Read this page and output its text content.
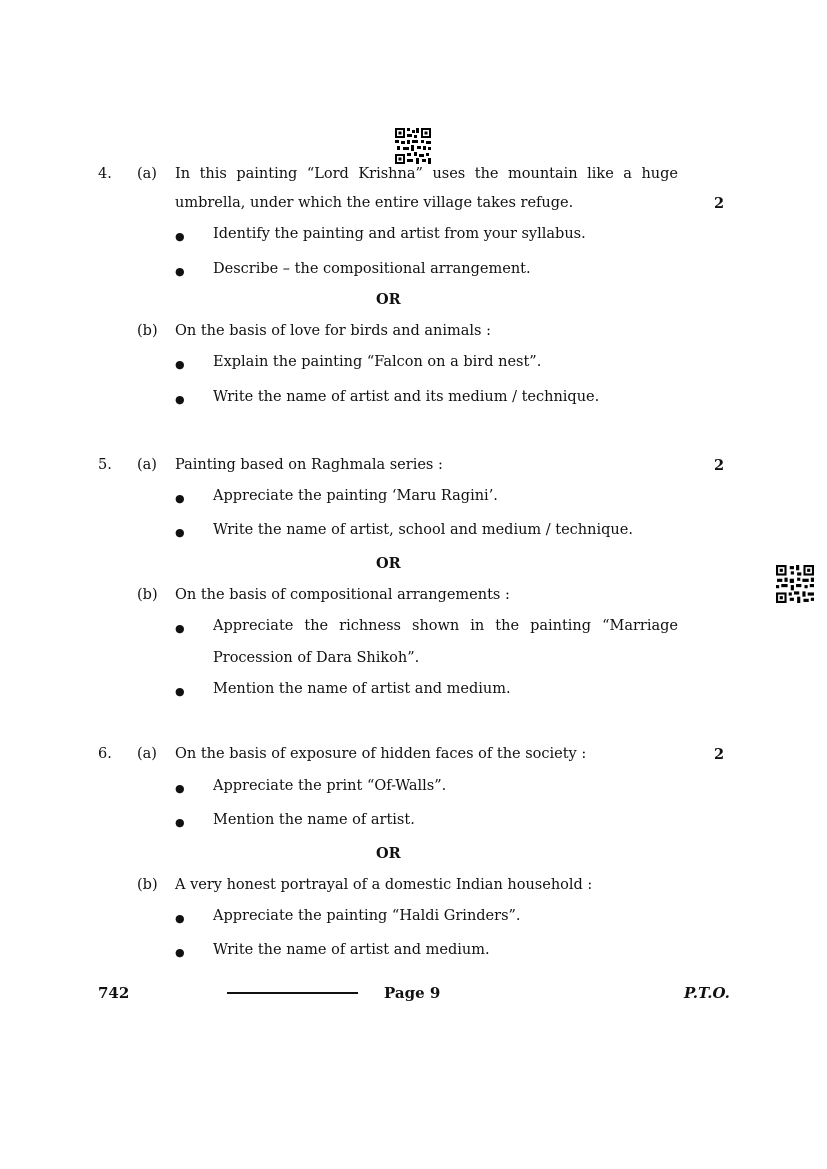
4. (a) In this painting “Lord Krishna” uses the mountain like a huge
umbrella, under which the entire village takes refuge.	2
● Identify the painting and artist from your syllabus.
● Describe – the compositional arrangement.
OR
(b) On the basis of love for birds and animals :
● Explain the painting “Falcon on a bird nest”.
● Write the name of artist and its medium / technique.
5. (a) Painting based on Raghmala series :	2
● Appreciate the painting ‘Maru Ragini’.
● Write the name of artist, school and medium / technique.
OR
(b) On the basis of compositional arrangements :
● Appreciate the richness shown in the painting “Marriage
Procession of Dara Shikoh”.
● Mention the name of artist and medium.
6. (a) On the basis of exposure of hidden faces of the society :	2
● Appreciate the print “Of-Walls”.
● Mention the name of artist.
OR
(b) A very honest portrayal of a domestic Indian household :
● Appreciate the painting “Haldi Grinders”.
● Write the name of artist and medium.
742	Page 9	P.T.O.
